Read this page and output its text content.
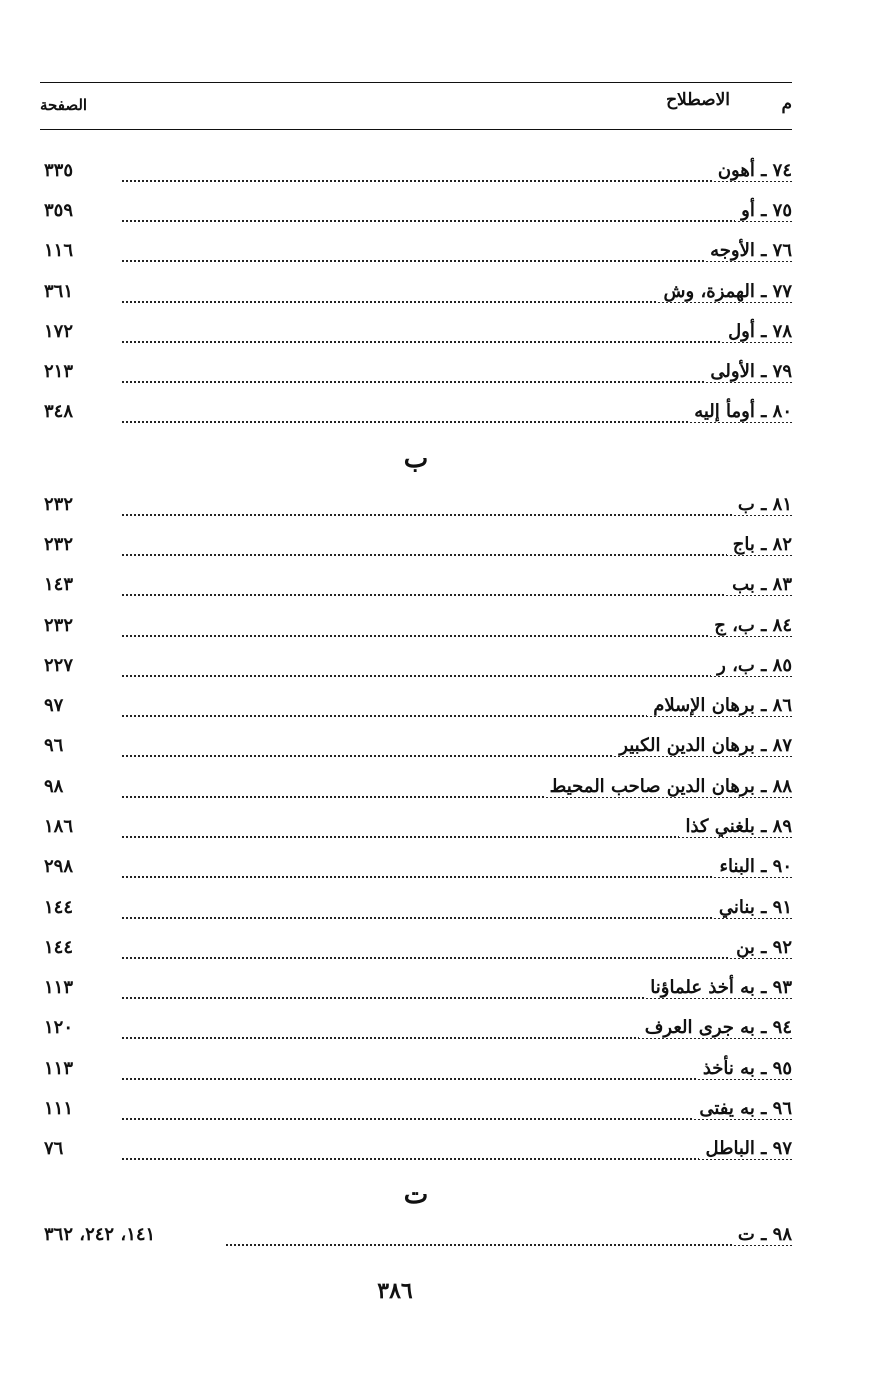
م
الاصطلاح
الصفحة
٧٤ ـ أهون
٣٣٥
٧٥ ـ أو
٣٥٩
٧٦ ـ الأوجه
١١٦
٧٧ ـ الهمزة، وش
٣٦١
٧٨ ـ أول
١٧٢
٧٩ ـ الأولى
٢١٣
٨٠ ـ أومأ إليه
٣٤٨
ب
٨١ ـ ب
٢٣٢
٨٢ ـ باج
٢٣٢
٨٣ ـ بب
١٤٣
٨٤ ـ ب، ج
٢٣٢
٨٥ ـ ب، ر
٢٢٧
٨٦ ـ برهان الإسلام
٩٧
٨٧ ـ برهان الدين الكبير
٩٦
٨٨ ـ برهان الدين صاحب المحيط
٩٨
٨٩ ـ بلغني كذا
١٨٦
٩٠ ـ البناء
٢٩٨
٩١ ـ بناني
١٤٤
٩٢ ـ بن
١٤٤
٩٣ ـ به أخذ علماؤنا
١١٣
٩٤ ـ به جرى العرف
١٢٠
٩٥ ـ به نأخذ
١١٣
٩٦ ـ به يفتى
١١١
٩٧ ـ الباطل
٧٦
ت
٩٨ ـ ت
١٤١، ٢٤٢، ٣٦٢
٣٨٦
